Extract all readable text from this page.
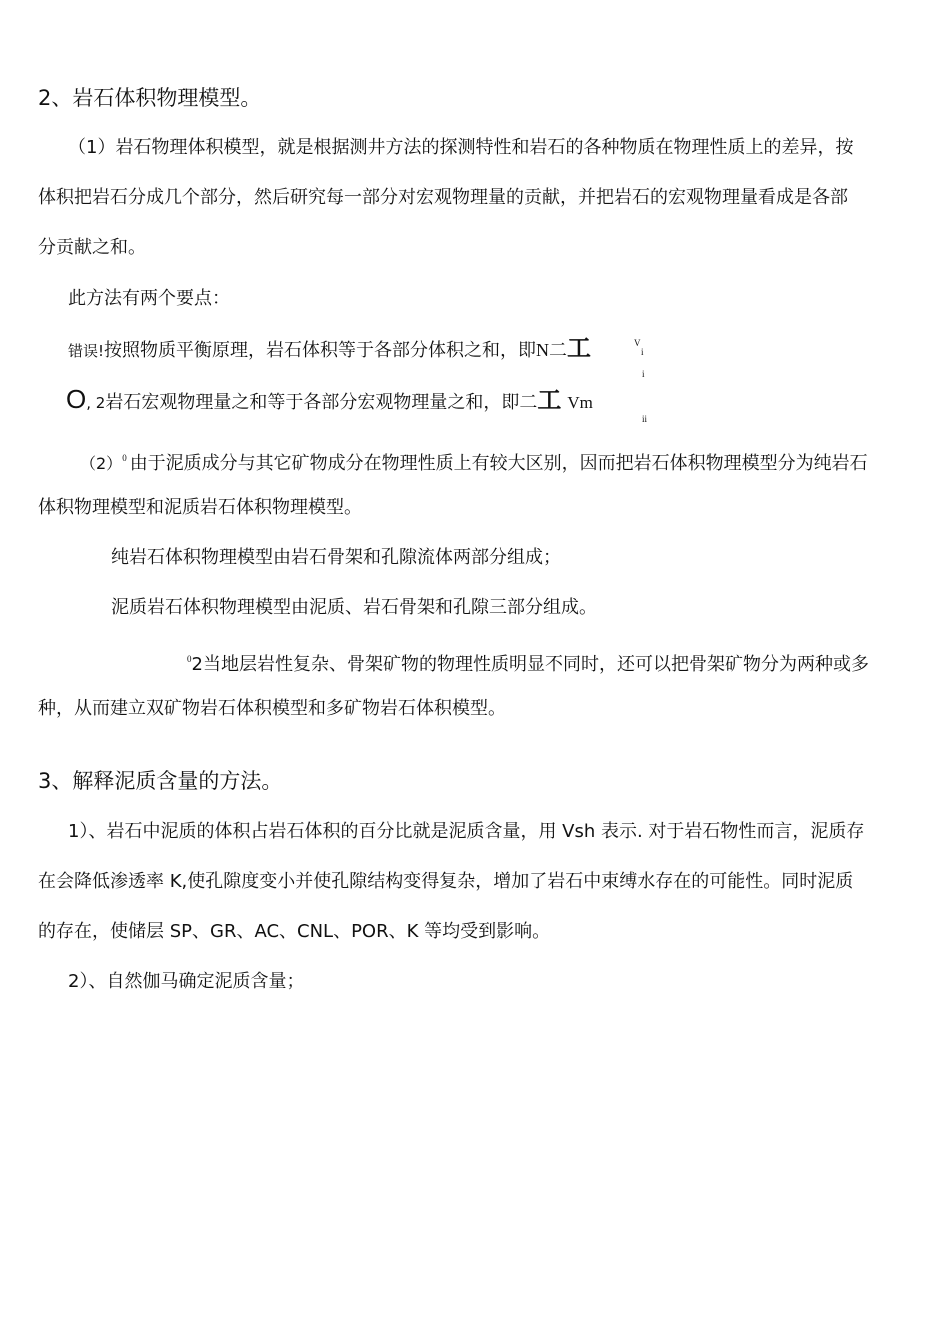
2、岩石体积物理模型。
（1）岩石物理体积模型，就是根据测井方法的探测特性和岩石的各种物质在物理性质上的差异，按
体积把岩石分成几个部分，然后研究每一部分对宏观物理量的贡献，并把岩石的宏观物理量看成是各部
分贡献之和。
此方法有两个要点：
错误!按照物质平衡原理，岩石体积等于各部分体积之和，即N二工	V
i
i
O, 2岩石宏观物理量之和等于各部分宏观物理量之和，即二工 Vm
ii
$(2)^0$ 由于泥质成分与其它矿物成分在物理性质上有较大区别，因而把岩石体积物理模型分为纯岩石
体积物理模型和泥质岩石体积物理模型。
纯岩石体积物理模型由岩石骨架和孔隙流体两部分组成；
泥质岩石体积物理模型由泥质、岩石骨架和孔隙三部分组成。
$^0$2当地层岩性复杂、骨架矿物的物理性质明显不同时，还可以把骨架矿物分为两种或多
种，从而建立双矿物岩石体积模型和多矿物岩石体积模型。
3、解释泥质含量的方法。
1）、岩石中泥质的体积占岩石体积的百分比就是泥质含量，用 Vsh 表示. 对于岩石物性而言，泥质存
在会降低渗透率 K,使孔隙度变小并使孔隙结构变得复杂，增加了岩石中束缚水存在的可能性。同时泥质
的存在，使储层 SP、GR、AC、CNL、POR、K 等均受到影响。
2）、自然伽马确定泥质含量；
